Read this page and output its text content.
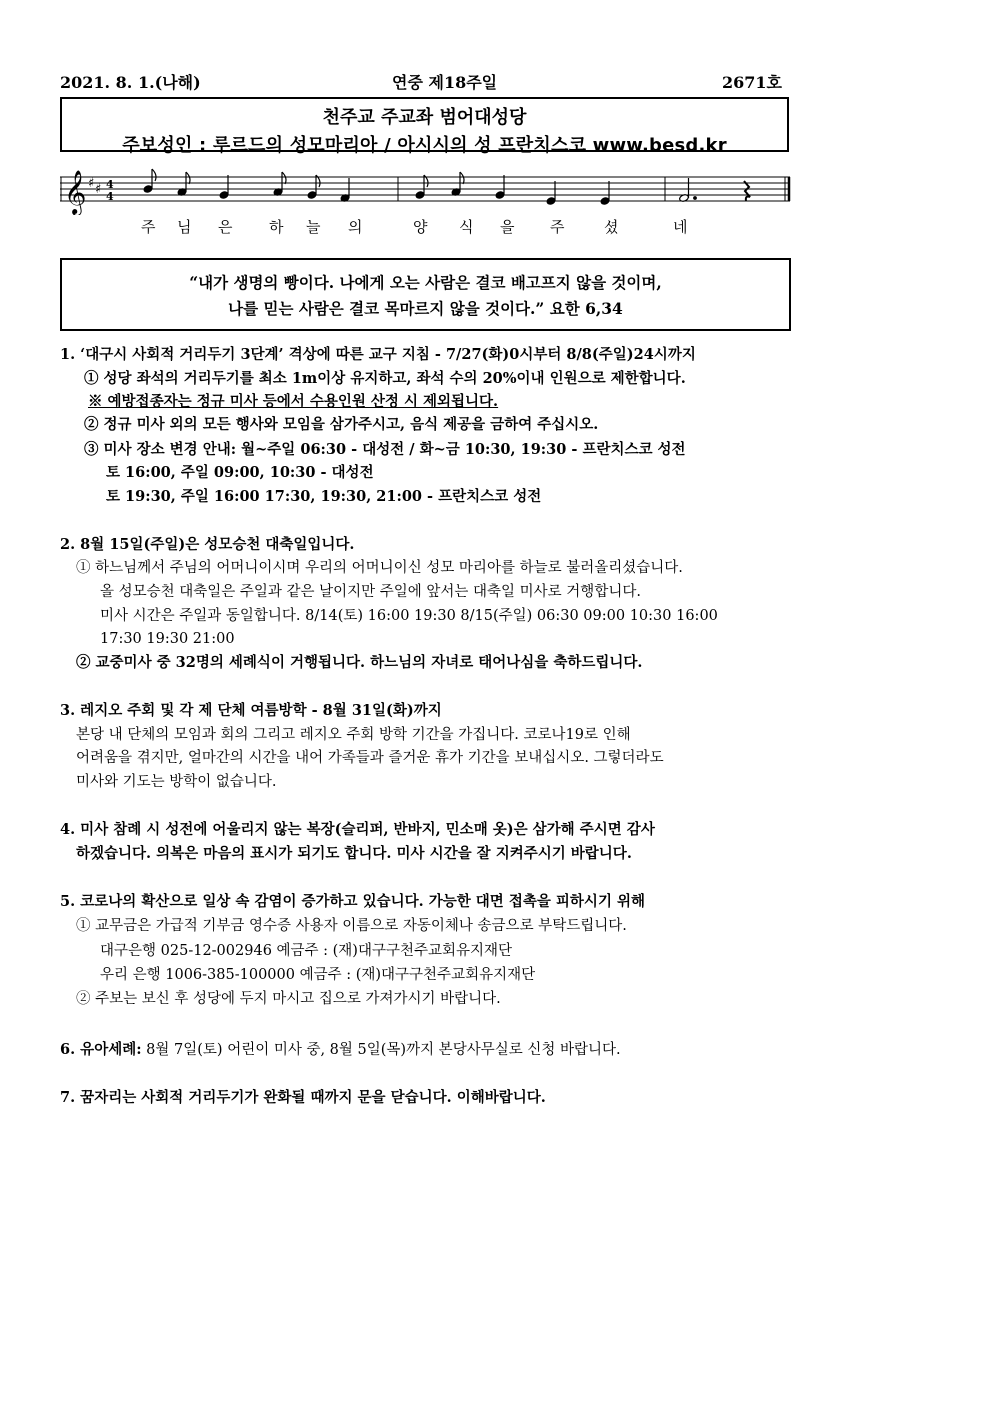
2021. 8. 1.(나해)	연중 제18주일	2671호
천주교 주교좌 범어대성당
주보성인 : 루르드의 성모마리아 / 아시시의 성 프란치스코 www.besd.kr
𝄞 ♯ ♯ 4
4
주 님 은 하 늘 의	양 식 을 주	셨	네
“내가 생명의 빵이다. 나에게 오는 사람은 결코 배고프지 않을 것이며,
나를 믿는 사람은 결코 목마르지 않을 것이다.” 요한 6,34
1. ‘대구시 사회적 거리두기 3단계’ 격상에 따른 교구 지침 - 7/27(화)0시부터 8/8(주일)24시까지
① 성당 좌석의 거리두기를 최소 1m이상 유지하고, 좌석 수의 20%이내 인원으로 제한합니다.
※ 예방접종자는 정규 미사 등에서 수용인원 산정 시 제외됩니다.
② 정규 미사 외의 모든 행사와 모임을 삼가주시고, 음식 제공을 금하여 주십시오.
③ 미사 장소 변경 안내: 월~주일 06:30 - 대성전 / 화~금 10:30, 19:30 - 프란치스코 성전
토 16:00, 주일 09:00, 10:30 - 대성전
토 19:30, 주일 16:00 17:30, 19:30, 21:00 - 프란치스코 성전
2. 8월 15일(주일)은 성모승천 대축일입니다.
① 하느님께서 주님의 어머니이시며 우리의 어머니이신 성모 마리아를 하늘로 불러올리셨습니다.
올 성모승천 대축일은 주일과 같은 날이지만 주일에 앞서는 대축일 미사로 거행합니다.
미사 시간은 주일과 동일합니다. 8/14(토) 16:00 19:30 8/15(주일) 06:30 09:00 10:30 16:00
17:30 19:30 21:00
② 교중미사 중 32명의 세례식이 거행됩니다. 하느님의 자녀로 태어나심을 축하드립니다.
3. 레지오 주회 및 각 제 단체 여름방학 - 8월 31일(화)까지
본당 내 단체의 모임과 회의 그리고 레지오 주회 방학 기간을 가집니다. 코로나19로 인해
어려움을 겪지만, 얼마간의 시간을 내어 가족들과 즐거운 휴가 기간을 보내십시오. 그렇더라도
미사와 기도는 방학이 없습니다.
4. 미사 참례 시 성전에 어울리지 않는 복장(슬리퍼, 반바지, 민소매 옷)은 삼가해 주시면 감사
하겠습니다. 의복은 마음의 표시가 되기도 합니다. 미사 시간을 잘 지켜주시기 바랍니다.
5. 코로나의 확산으로 일상 속 감염이 증가하고 있습니다. 가능한 대면 접촉을 피하시기 위해
① 교무금은 가급적 기부금 영수증 사용자 이름으로 자동이체나 송금으로 부탁드립니다.
대구은행 025-12-002946 예금주 : (재)대구구천주교회유지재단
우리 은행 1006-385-100000 예금주 : (재)대구구천주교회유지재단
② 주보는 보신 후 성당에 두지 마시고 집으로 가져가시기 바랍니다.
6. 유아세례: 8월 7일(토) 어린이 미사 중, 8월 5일(목)까지 본당사무실로 신청 바랍니다.
7. 꿈자리는 사회적 거리두기가 완화될 때까지 문을 닫습니다. 이해바랍니다.
